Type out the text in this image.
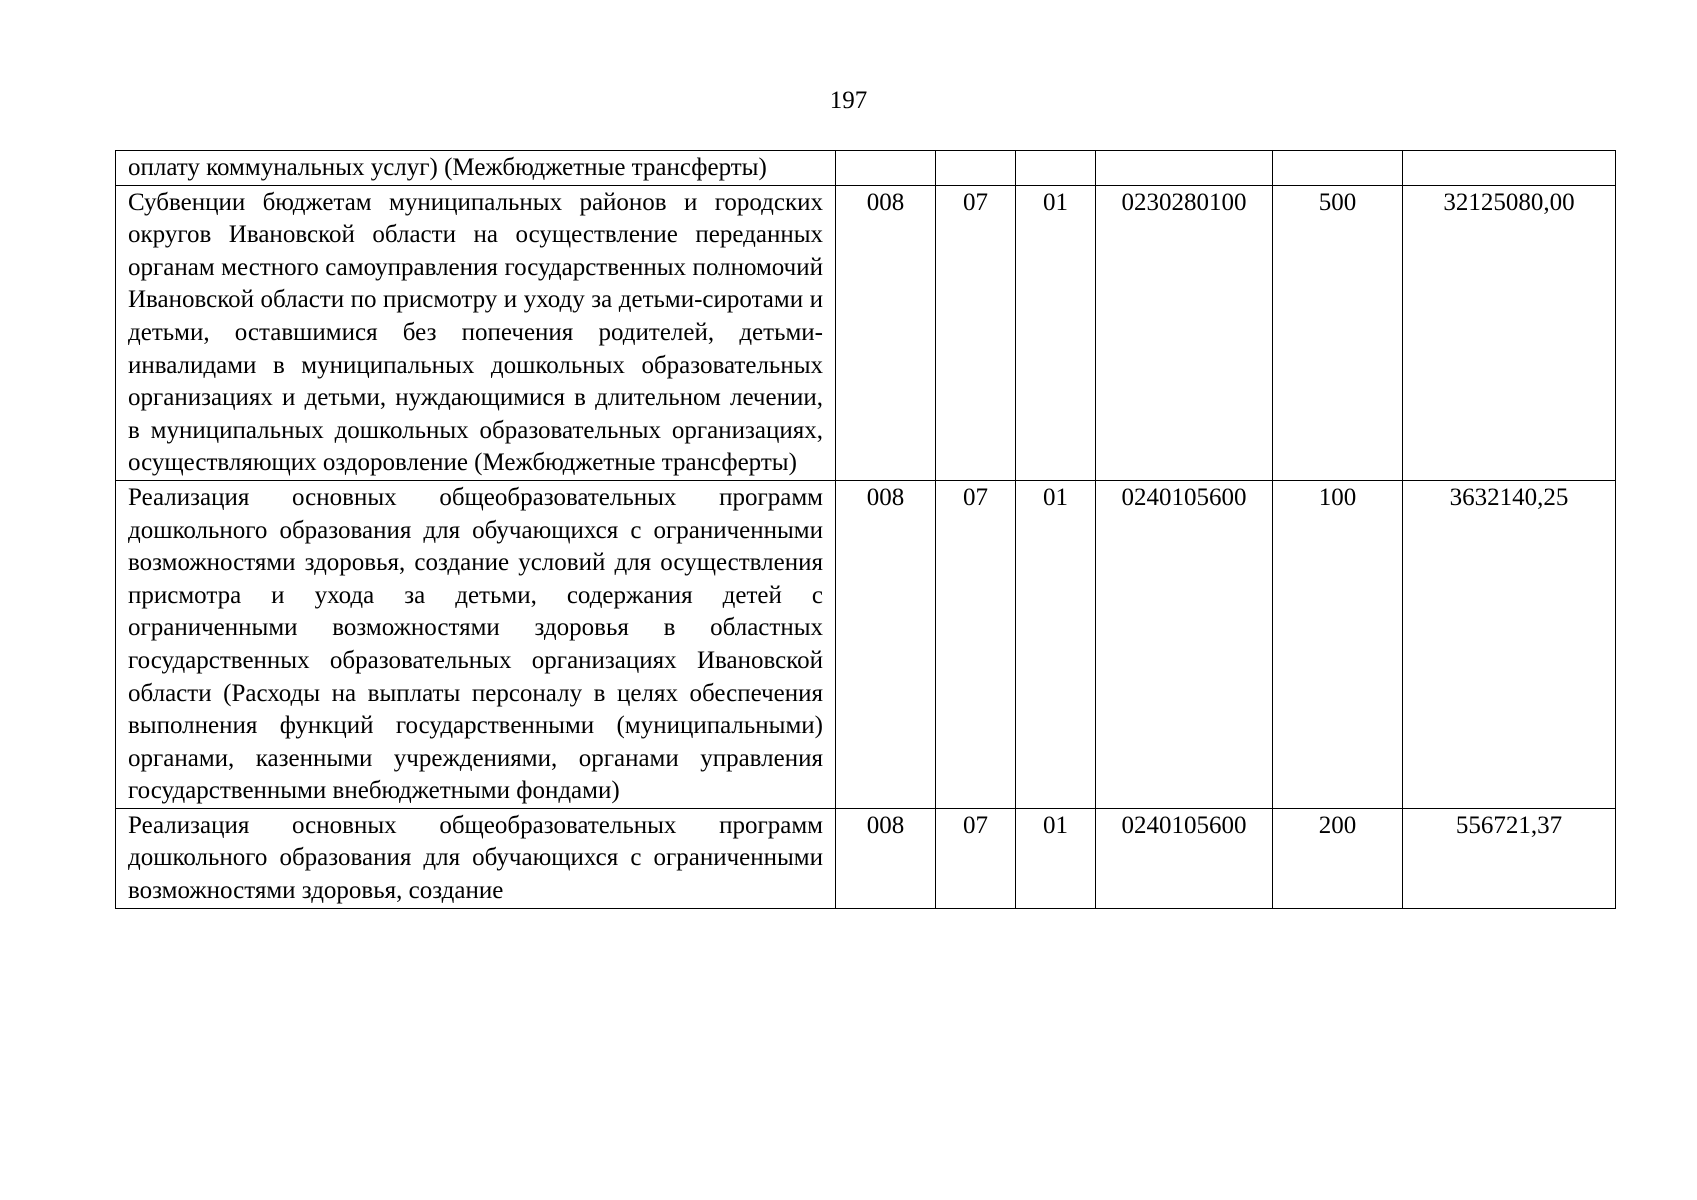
197
оплату коммунальных услуг) (Межбюджетные трансферты)						
Субвенции бюджетам муниципальных районов и городских округов Ивановской области на осуществление переданных органам местного самоуправления государственных полномочий Ивановской области по присмотру и уходу за детьми-сиротами и детьми, оставшимися без попечения родителей, детьми-инвалидами в муниципальных дошкольных образовательных организациях и детьми, нуждающимися в длительном лечении, в муниципальных дошкольных образовательных организациях, осуществляющих оздоровление (Межбюджетные трансферты)	008	07	01	0230280100	500	32125080,00
Реализация основных общеобразовательных программ дошкольного образования для обучающихся с ограниченными возможностями здоровья, создание условий для осуществления присмотра и ухода за детьми, содержания детей с ограниченными возможностями здоровья в областных государственных образовательных организациях Ивановской области (Расходы на выплаты персоналу в целях обеспечения выполнения функций государственными (муниципальными) органами, казенными учреждениями, органами управления государственными внебюджетными фондами)	008	07	01	0240105600	100	3632140,25
Реализация основных общеобразовательных программ дошкольного образования для обучающихся с ограниченными возможностями здоровья, создание	008	07	01	0240105600	200	556721,37
